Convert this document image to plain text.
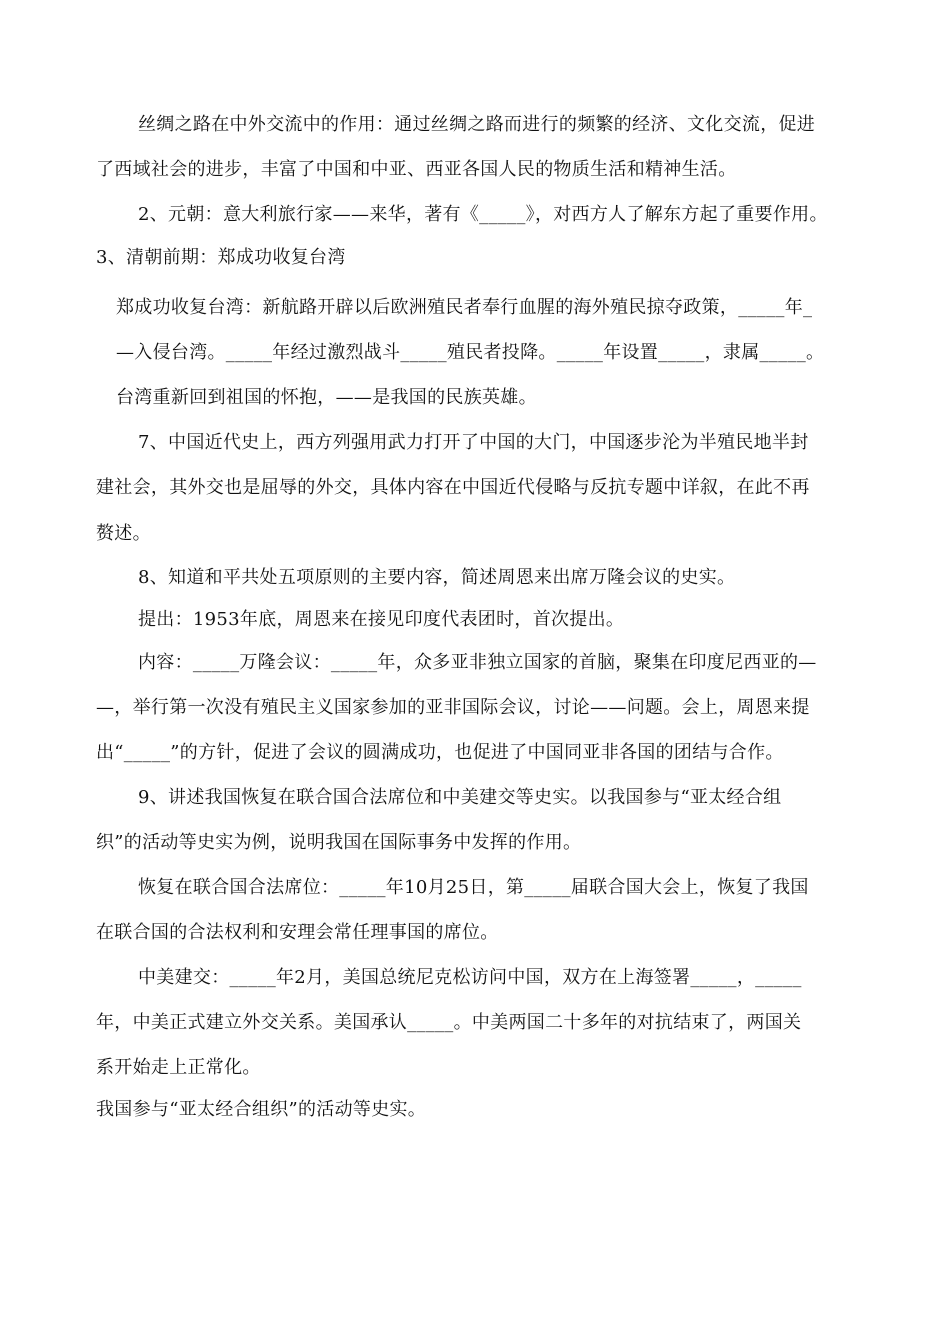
丝绸之路在中外交流中的作用：通过丝绸之路而进行的频繁的经济、文化交流，促进
了西域社会的进步，丰富了中国和中亚、西亚各国人民的物质生活和精神生活。
2、元朝：意大利旅行家——来华，著有《_____》，对西方人了解东方起了重要作用。
3、清朝前期：郑成功收复台湾
郑成功收复台湾：新航路开辟以后欧洲殖民者奉行血腥的海外殖民掠夺政策，_____年_
—入侵台湾。_____年经过激烈战斗_____殖民者投降。_____年设置_____，隶属_____。
台湾重新回到祖国的怀抱，——是我国的民族英雄。
7、中国近代史上，西方列强用武力打开了中国的大门，中国逐步沦为半殖民地半封
建社会，其外交也是屈辱的外交，具体内容在中国近代侵略与反抗专题中详叙，在此不再
赘述。
8、知道和平共处五项原则的主要内容，简述周恩来出席万隆会议的史实。
提出：1953年底，周恩来在接见印度代表团时，首次提出。
内容：_____万隆会议：_____年，众多亚非独立国家的首脑，聚集在印度尼西亚的—
—，举行第一次没有殖民主义国家参加的亚非国际会议，讨论——问题。会上，周恩来提
出“_____”的方针，促进了会议的圆满成功，也促进了中国同亚非各国的团结与合作。
9、讲述我国恢复在联合国合法席位和中美建交等史实。以我国参与“亚太经合组
织”的活动等史实为例，说明我国在国际事务中发挥的作用。
恢复在联合国合法席位：_____年10月25日，第_____届联合国大会上，恢复了我国
在联合国的合法权利和安理会常任理事国的席位。
中美建交：_____年2月，美国总统尼克松访问中国，双方在上海签署_____，_____
年，中美正式建立外交关系。美国承认_____。中美两国二十多年的对抗结束了，两国关
系开始走上正常化。
我国参与“亚太经合组织”的活动等史实。
